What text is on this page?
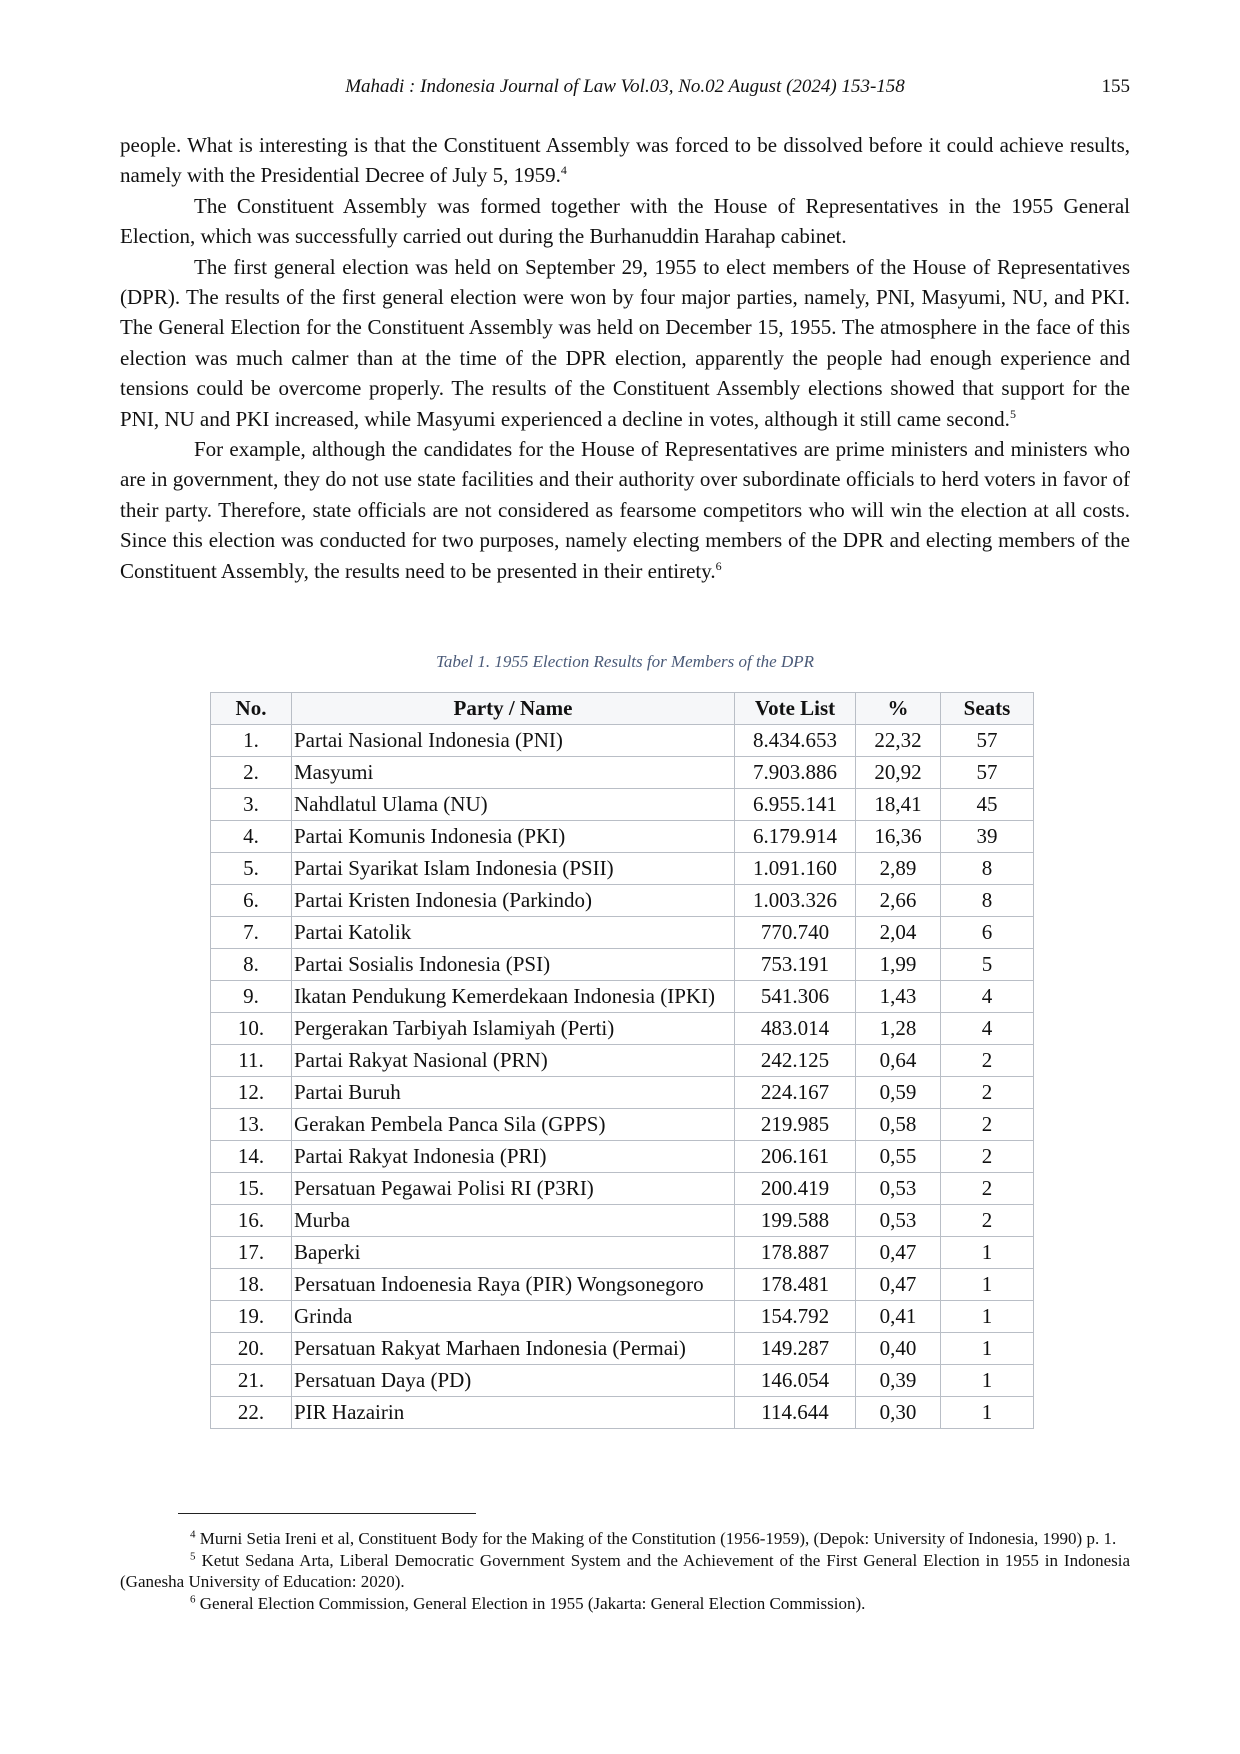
Mahadi : Indonesia Journal of Law Vol.03, No.02 August (2024) 153-158	155

people. What is interesting is that the Constituent Assembly was forced to be dissolved before it could achieve results, namely with the Presidential Decree of July 5, 1959.$^4$

The Constituent Assembly was formed together with the House of Representatives in the 1955 General Election, which was successfully carried out during the Burhanuddin Harahap cabinet.

The first general election was held on September 29, 1955 to elect members of the House of Representatives (DPR). The results of the first general election were won by four major parties, namely, PNI, Masyumi, NU, and PKI. The General Election for the Constituent Assembly was held on December 15, 1955. The atmosphere in the face of this election was much calmer than at the time of the DPR election, apparently the people had enough experience and tensions could be overcome properly. The results of the Constituent Assembly elections showed that support for the PNI, NU and PKI increased, while Masyumi experienced a decline in votes, although it still came second.$^5$

For example, although the candidates for the House of Representatives are prime ministers and ministers who are in government, they do not use state facilities and their authority over subordinate officials to herd voters in favor of their party. Therefore, state officials are not considered as fearsome competitors who will win the election at all costs. Since this election was conducted for two purposes, namely electing members of the DPR and electing members of the Constituent Assembly, the results need to be presented in their entirety.$^6$

Tabel 1. 1955 Election Results for Members of the DPR
No.	Party / Name	Vote List	%	Seats
1.	Partai Nasional Indonesia (PNI)	8.434.653	22,32	57
2.	Masyumi	7.903.886	20,92	57
3.	Nahdlatul Ulama (NU)	6.955.141	18,41	45
4.	Partai Komunis Indonesia (PKI)	6.179.914	16,36	39
5.	Partai Syarikat Islam Indonesia (PSII)	1.091.160	2,89	8
6.	Partai Kristen Indonesia (Parkindo)	1.003.326	2,66	8
7.	Partai Katolik	770.740	2,04	6
8.	Partai Sosialis Indonesia (PSI)	753.191	1,99	5
9.	Ikatan Pendukung Kemerdekaan Indonesia (IPKI)	541.306	1,43	4
10.	Pergerakan Tarbiyah Islamiyah (Perti)	483.014	1,28	4
11.	Partai Rakyat Nasional (PRN)	242.125	0,64	2
12.	Partai Buruh	224.167	0,59	2
13.	Gerakan Pembela Panca Sila (GPPS)	219.985	0,58	2
14.	Partai Rakyat Indonesia (PRI)	206.161	0,55	2
15.	Persatuan Pegawai Polisi RI (P3RI)	200.419	0,53	2
16.	Murba	199.588	0,53	2
17.	Baperki	178.887	0,47	1
18.	Persatuan Indoenesia Raya (PIR) Wongsonegoro	178.481	0,47	1
19.	Grinda	154.792	0,41	1
20.	Persatuan Rakyat Marhaen Indonesia (Permai)	149.287	0,40	1
21.	Persatuan Daya (PD)	146.054	0,39	1
22.	PIR Hazairin	114.644	0,30	1

$^4$ Murni Setia Ireni et al, Constituent Body for the Making of the Constitution (1956-1959), (Depok: University of Indonesia, 1990) p. 1.

$^5$ Ketut Sedana Arta, Liberal Democratic Government System and the Achievement of the First General Election in 1955 in Indonesia (Ganesha University of Education: 2020).

$^6$ General Election Commission, General Election in 1955 (Jakarta: General Election Commission).
